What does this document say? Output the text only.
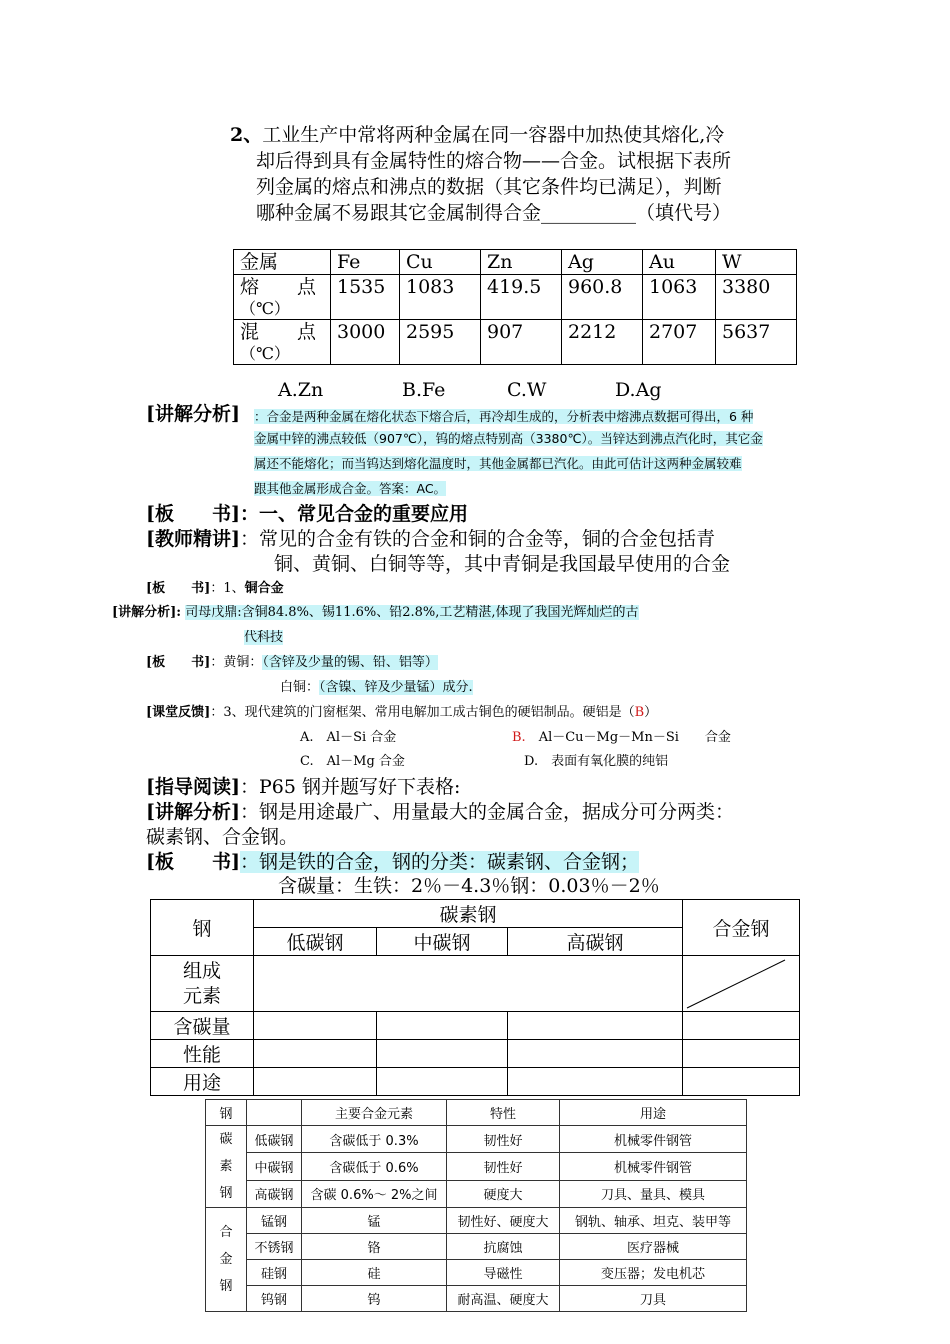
2、工业生产中常将两种金属在同一容器中加热使其熔化,冷
却后得到具有金属特性的熔合物——合金。试根据下表所
列金属的熔点和沸点的数据（其它条件均已满足），判断
哪种金属不易跟其它金属制得合金__________（填代号）
金属	Fe	Cu	Zn	Ag	Au	W

熔　　点
（℃）	1535	1083	419.5	960.8	1063	3380

混　　点
（℃）	3000	2595	907	2212	2707	5637
A.Zn	B.Fe	C.W	D.Ag
[讲解分析] ：合金是两种金属在熔化状态下熔合后，再冷却生成的，分析表中熔沸点数据可得出，6 种
金属中锌的沸点较低（907℃），钨的熔点特别高（3380℃）。当锌达到沸点汽化时，其它金
属还不能熔化；而当钨达到熔化温度时，其他金属都已汽化。由此可估计这两种金属较难
跟其他金属形成合金。答案：AC。
[板　　书]：一、常见合金的重要应用
[教师精讲]：常见的合金有铁的合金和铜的合金等，铜的合金包括青
铜、黄铜、白铜等等，其中青铜是我国最早使用的合金
[板　　书]：1、铜合金
[讲解分析]: 司母戊鼎:含铜84.8%、锡11.6%、铅2.8%,工艺精湛,体现了我国光辉灿烂的古
代科技
[板　　书]：黄铜：（含锌及少量的锡、铅、铝等）
白铜：（含镍、锌及少量锰）成分.
[课堂反馈]：3、现代建筑的门窗框架、常用电解加工成古铜色的硬铝制品。硬铝是（B）
A.　Al－Si 合金	B.　Al－Cu－Mg－Mn－Si　　合金
C.　Al－Mg 合金	D.　表面有氧化膜的纯铝
[指导阅读]：P65 钢并题写好下表格:
[讲解分析]：钢是用途最广、用量最大的金属合金，据成分可分两类：
碳素钢、合金钢。
[板　　书]：钢是铁的合金，钢的分类：碳素钢、合金钢；
含碳量：生铁：2％－4.3％钢：0.03％－2％
钢	碳素钢			合金钢
	低碳钢	中碳钢	高碳钢	

组成元素

含碳量				
性能				
用途				
钢		主要合金元素	特性	用途

碳素钢	低碳钢	含碳低于 0.3%	韧性好	机械零件钢管
	中碳钢	含碳低于 0.6%	韧性好	机械零件钢管
	高碳钢	含碳 0.6%～ 2%之间	硬度大	刀具、量具、模具

合金钢	锰钢	锰	韧性好、硬度大	钢轨、轴承、坦克、装甲等
	不锈钢	铬	抗腐蚀	医疗器械
	硅钢	硅	导磁性	变压器；发电机芯
	钨钢	钨	耐高温、硬度大	刀具
